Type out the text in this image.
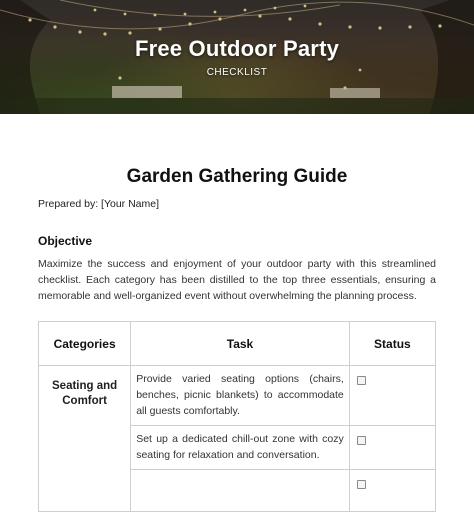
Free Outdoor Party
CHECKLIST
Garden Gathering Guide
Prepared by: [Your Name]
Objective
Maximize the success and enjoyment of your outdoor party with this streamlined checklist. Each category has been distilled to the top three essentials, ensuring a memorable and well-organized event without overwhelming the planning process.
Categories	Task	Status
Seating and Comfort	Provide varied seating options (chairs, benches, picnic blankets) to accommodate all guests comfortably.	
	Set up a dedicated chill-out zone with cozy seating for relaxation and conversation.	
